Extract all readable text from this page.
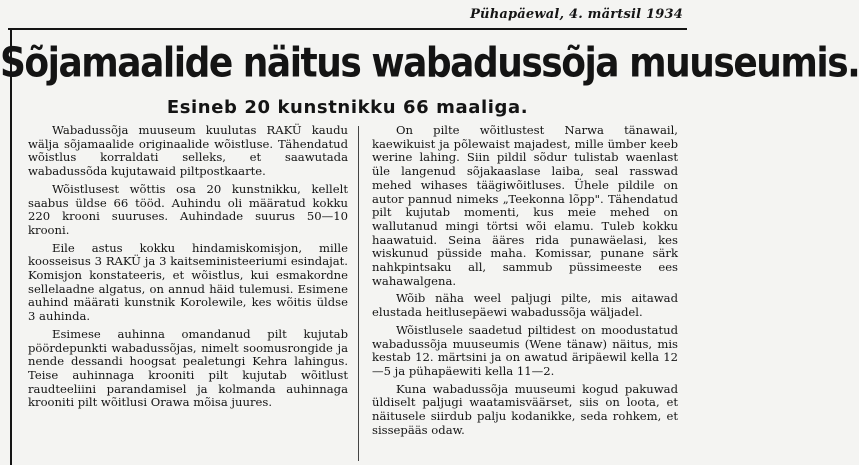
Pühapäewal, 4. märtsil 1934
Sõjamaalide näitus wabadussõja muuseumis.
Esineb 20 kunstnikku 66 maaliga.

Wabadussõja muuseum kuulutas RAKÜ kaudu wälja sõjamaalide originaalide wõistluse. Tähendatud wõistlus korraldati selleks, et saawutada wabadussõda kujutawaid piltpostkaarte.

Wõistlusest wõttis osa 20 kunstnikku, kellelt saabus üldse 66 tööd. Auhindu oli määratud kokku 220 krooni suuruses. Auhindade suurus 50—10 krooni.

Eile astus kokku hindamiskomisjon, mille koosseisus 3 RAKÜ ja 3 kaitseministeeriumi esindajat. Komisjon konstateeris, et wõistlus, kui esmakordne sellelaadne algatus, on annud häid tulemusi. Esimene auhind määrati kunstnik Korolewile, kes wõitis üldse 3 auhinda.

Esimese auhinna omandanud pilt kujutab pöördepunkti wabadussõjas, nimelt soomusrongide ja nende dessandi hoogsat pealetungi Kehra lahingus. Teise auhinnaga krooniti pilt kujutab wõitlust raudteeliini parandamisel ja kolmanda auhinnaga krooniti pilt wõitlusi Orawa mõisa juures.

On pilte wõitlustest Narwa tänawail, kaewikuist ja põlewaist majadest, mille ümber keeb werine lahing. Siin pildil sõdur tulistab waenlast üle langenud sõjakaaslase laiba, seal rasswad mehed wihases täägiwõitluses. Ühele pildile on autor pannud nimeks „Teekonna lõpp". Tähendatud pilt kujutab momenti, kus meie mehed on wallutanud mingi törtsi wõi elamu. Tuleb kokku haawatuid. Seina ääres rida punawäelasi, kes wiskunud püsside maha. Komissar, punane särk nahkpintsaku all, sammub püssimeeste ees wahawalgena.

Wõib näha weel paljugi pilte, mis aitawad elustada heitlusepäewi wabadussõja wäljadel.

Wõistlusele saadetud piltidest on moodustatud wabadussõja muuseumis (Wene tänaw) näitus, mis kestab 12. märtsini ja on awatud äripäewil kella 12—5 ja pühapäewiti kella 11—2.

Kuna wabadussõja muuseumi kogud pakuwad üldiselt paljugi waatamisväärset, siis on loota, et näitusele siirdub palju kodanikke, seda rohkem, et sissepääs odaw.
